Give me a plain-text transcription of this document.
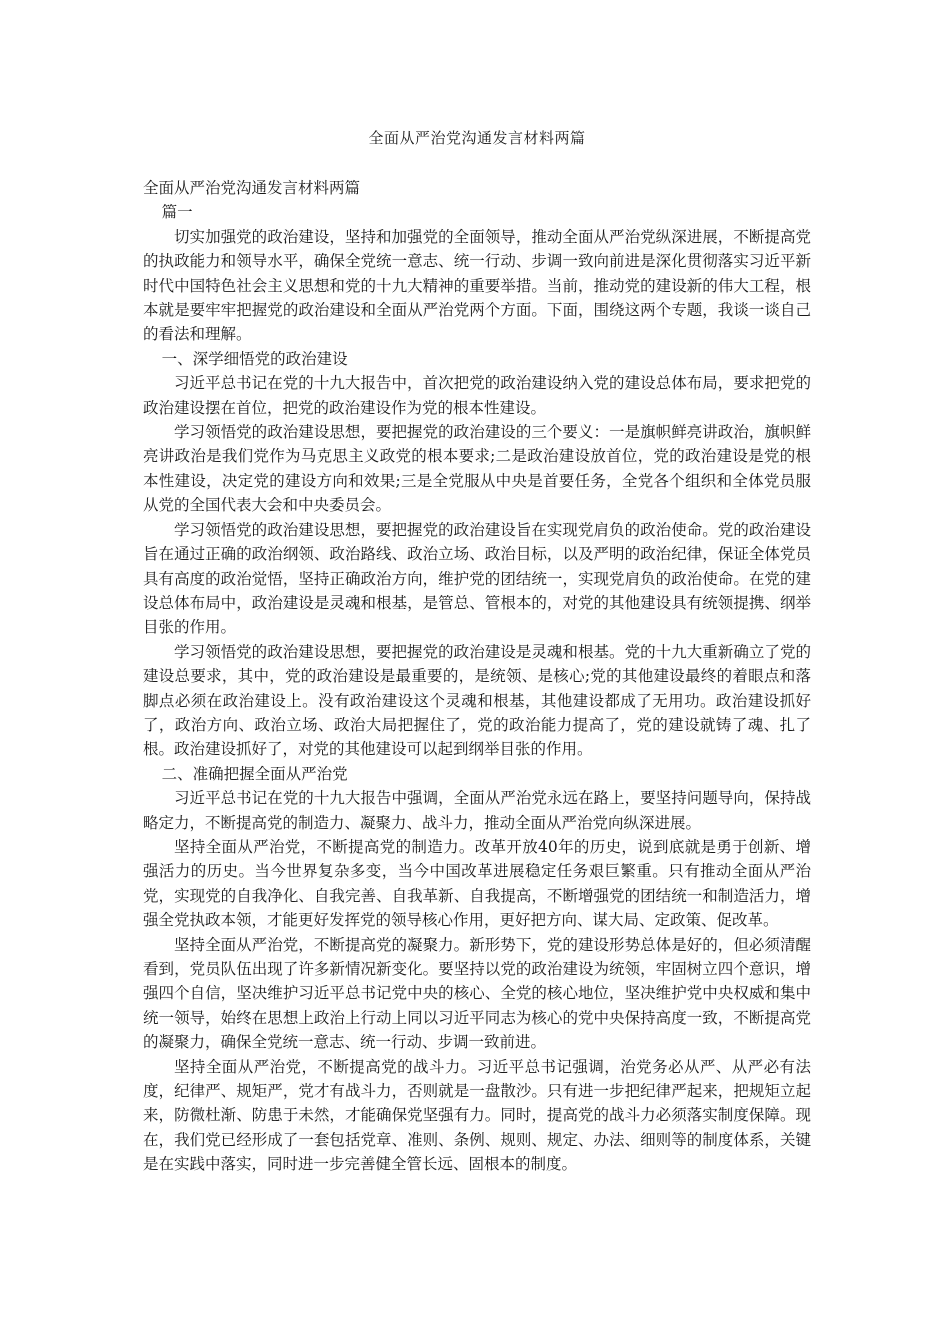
全面从严治党沟通发言材料两篇

全面从严治党沟通发言材料两篇

篇一

切实加强党的政治建设，坚持和加强党的全面领导，推动全面从严治党纵深进展，不断提高党的执政能力和领导水平，确保全党统一意志、统一行动、步调一致向前进是深化贯彻落实习近平新时代中国特色社会主义思想和党的十九大精神的重要举措。当前，推动党的建设新的伟大工程，根本就是要牢牢把握党的政治建设和全面从严治党两个方面。下面，围绕这两个专题，我谈一谈自己的看法和理解。

一、深学细悟党的政治建设

习近平总书记在党的十九大报告中，首次把党的政治建设纳入党的建设总体布局，要求把党的政治建设摆在首位，把党的政治建设作为党的根本性建设。

学习领悟党的政治建设思想，要把握党的政治建设的三个要义：一是旗帜鲜亮讲政治，旗帜鲜亮讲政治是我们党作为马克思主义政党的根本要求;二是政治建设放首位，党的政治建设是党的根本性建设，决定党的建设方向和效果;三是全党服从中央是首要任务，全党各个组织和全体党员服从党的全国代表大会和中央委员会。

学习领悟党的政治建设思想，要把握党的政治建设旨在实现党肩负的政治使命。党的政治建设旨在通过正确的政治纲领、政治路线、政治立场、政治目标，以及严明的政治纪律，保证全体党员具有高度的政治觉悟，坚持正确政治方向，维护党的团结统一，实现党肩负的政治使命。在党的建设总体布局中，政治建设是灵魂和根基，是管总、管根本的，对党的其他建设具有统领提携、纲举目张的作用。

学习领悟党的政治建设思想，要把握党的政治建设是灵魂和根基。党的十九大重新确立了党的建设总要求，其中，党的政治建设是最重要的，是统领、是核心;党的其他建设最终的着眼点和落脚点必须在政治建设上。没有政治建设这个灵魂和根基，其他建设都成了无用功。政治建设抓好了，政治方向、政治立场、政治大局把握住了，党的政治能力提高了，党的建设就铸了魂、扎了根。政治建设抓好了，对党的其他建设可以起到纲举目张的作用。

二、准确把握全面从严治党

习近平总书记在党的十九大报告中强调，全面从严治党永远在路上，要坚持问题导向，保持战略定力，不断提高党的制造力、凝聚力、战斗力，推动全面从严治党向纵深进展。

坚持全面从严治党，不断提高党的制造力。改革开放40年的历史，说到底就是勇于创新、增强活力的历史。当今世界复杂多变，当今中国改革进展稳定任务艰巨繁重。只有推动全面从严治党，实现党的自我净化、自我完善、自我革新、自我提高，不断增强党的团结统一和制造活力，增强全党执政本领，才能更好发挥党的领导核心作用，更好把方向、谋大局、定政策、促改革。

坚持全面从严治党，不断提高党的凝聚力。新形势下，党的建设形势总体是好的，但必须清醒看到，党员队伍出现了许多新情况新变化。要坚持以党的政治建设为统领，牢固树立四个意识，增强四个自信，坚决维护习近平总书记党中央的核心、全党的核心地位，坚决维护党中央权威和集中统一领导，始终在思想上政治上行动上同以习近平同志为核心的党中央保持高度一致，不断提高党的凝聚力，确保全党统一意志、统一行动、步调一致前进。

坚持全面从严治党，不断提高党的战斗力。习近平总书记强调，治党务必从严、从严必有法度，纪律严、规矩严，党才有战斗力，否则就是一盘散沙。只有进一步把纪律严起来，把规矩立起来，防微杜渐、防患于未然，才能确保党坚强有力。同时，提高党的战斗力必须落实制度保障。现在，我们党已经形成了一套包括党章、准则、条例、规则、规定、办法、细则等的制度体系，关键是在实践中落实，同时进一步完善健全管长远、固根本的制度。
